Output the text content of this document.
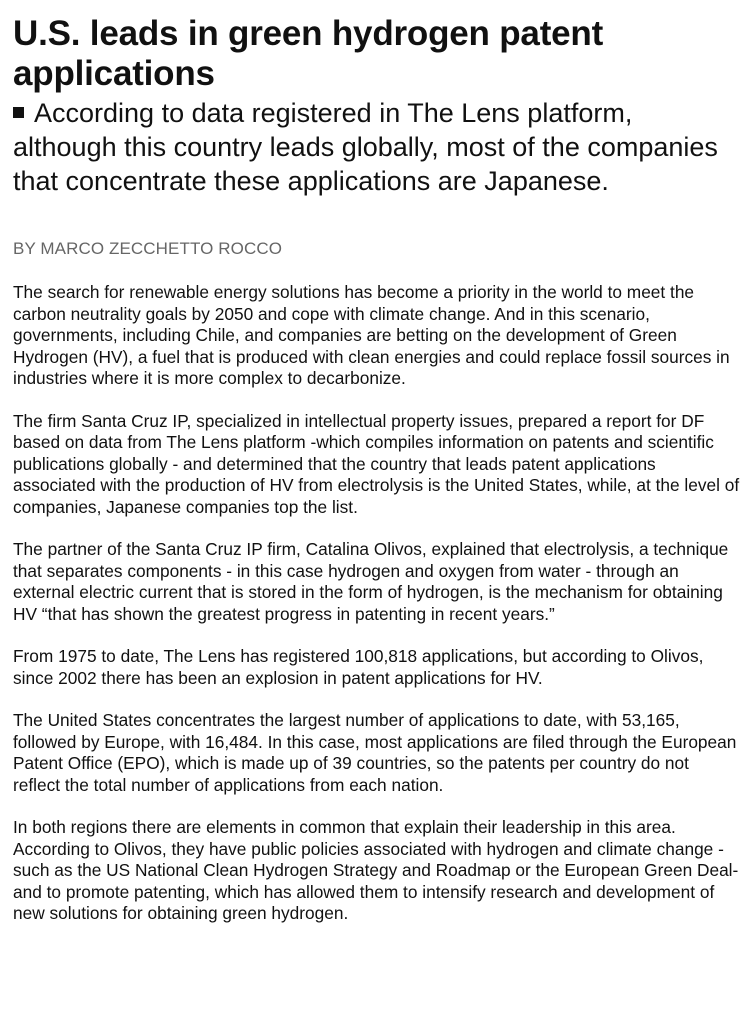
U.S. leads in green hydrogen patent applications

According to data registered in The Lens platform, although this country leads globally, most of the companies that concentrate these applications are Japanese.

BY MARCO ZECCHETTO ROCCO

The search for renewable energy solutions has become a priority in the world to meet the carbon neutrality goals by 2050 and cope with climate change. And in this scenario, governments, including Chile, and companies are betting on the development of Green Hydrogen (HV), a fuel that is produced with clean energies and could replace fossil sources in industries where it is more complex to decarbonize.

The firm Santa Cruz IP, specialized in intellectual property issues, prepared a report for DF based on data from The Lens platform -which compiles information on patents and scientific publications globally - and determined that the country that leads patent applications associated with the production of HV from electrolysis is the United States, while, at the level of companies, Japanese companies top the list.

The partner of the Santa Cruz IP firm, Catalina Olivos, explained that electrolysis, a technique that separates components - in this case hydrogen and oxygen from water - through an external electric current that is stored in the form of hydrogen, is the mechanism for obtaining HV “that has shown the greatest progress in patenting in recent years.”

From 1975 to date, The Lens has registered 100,818 applications, but according to Olivos, since 2002 there has been an explosion in patent applications for HV.

The United States concentrates the largest number of applications to date, with 53,165, followed by Europe, with 16,484. In this case, most applications are filed through the European Patent Office (EPO), which is made up of 39 countries, so the patents per country do not reflect the total number of applications from each nation.

In both regions there are elements in common that explain their leadership in this area. According to Olivos, they have public policies associated with hydrogen and climate change -such as the US National Clean Hydrogen Strategy and Roadmap or the European Green Deal- and to promote patenting, which has allowed them to intensify research and development of new solutions for obtaining green hydrogen.
